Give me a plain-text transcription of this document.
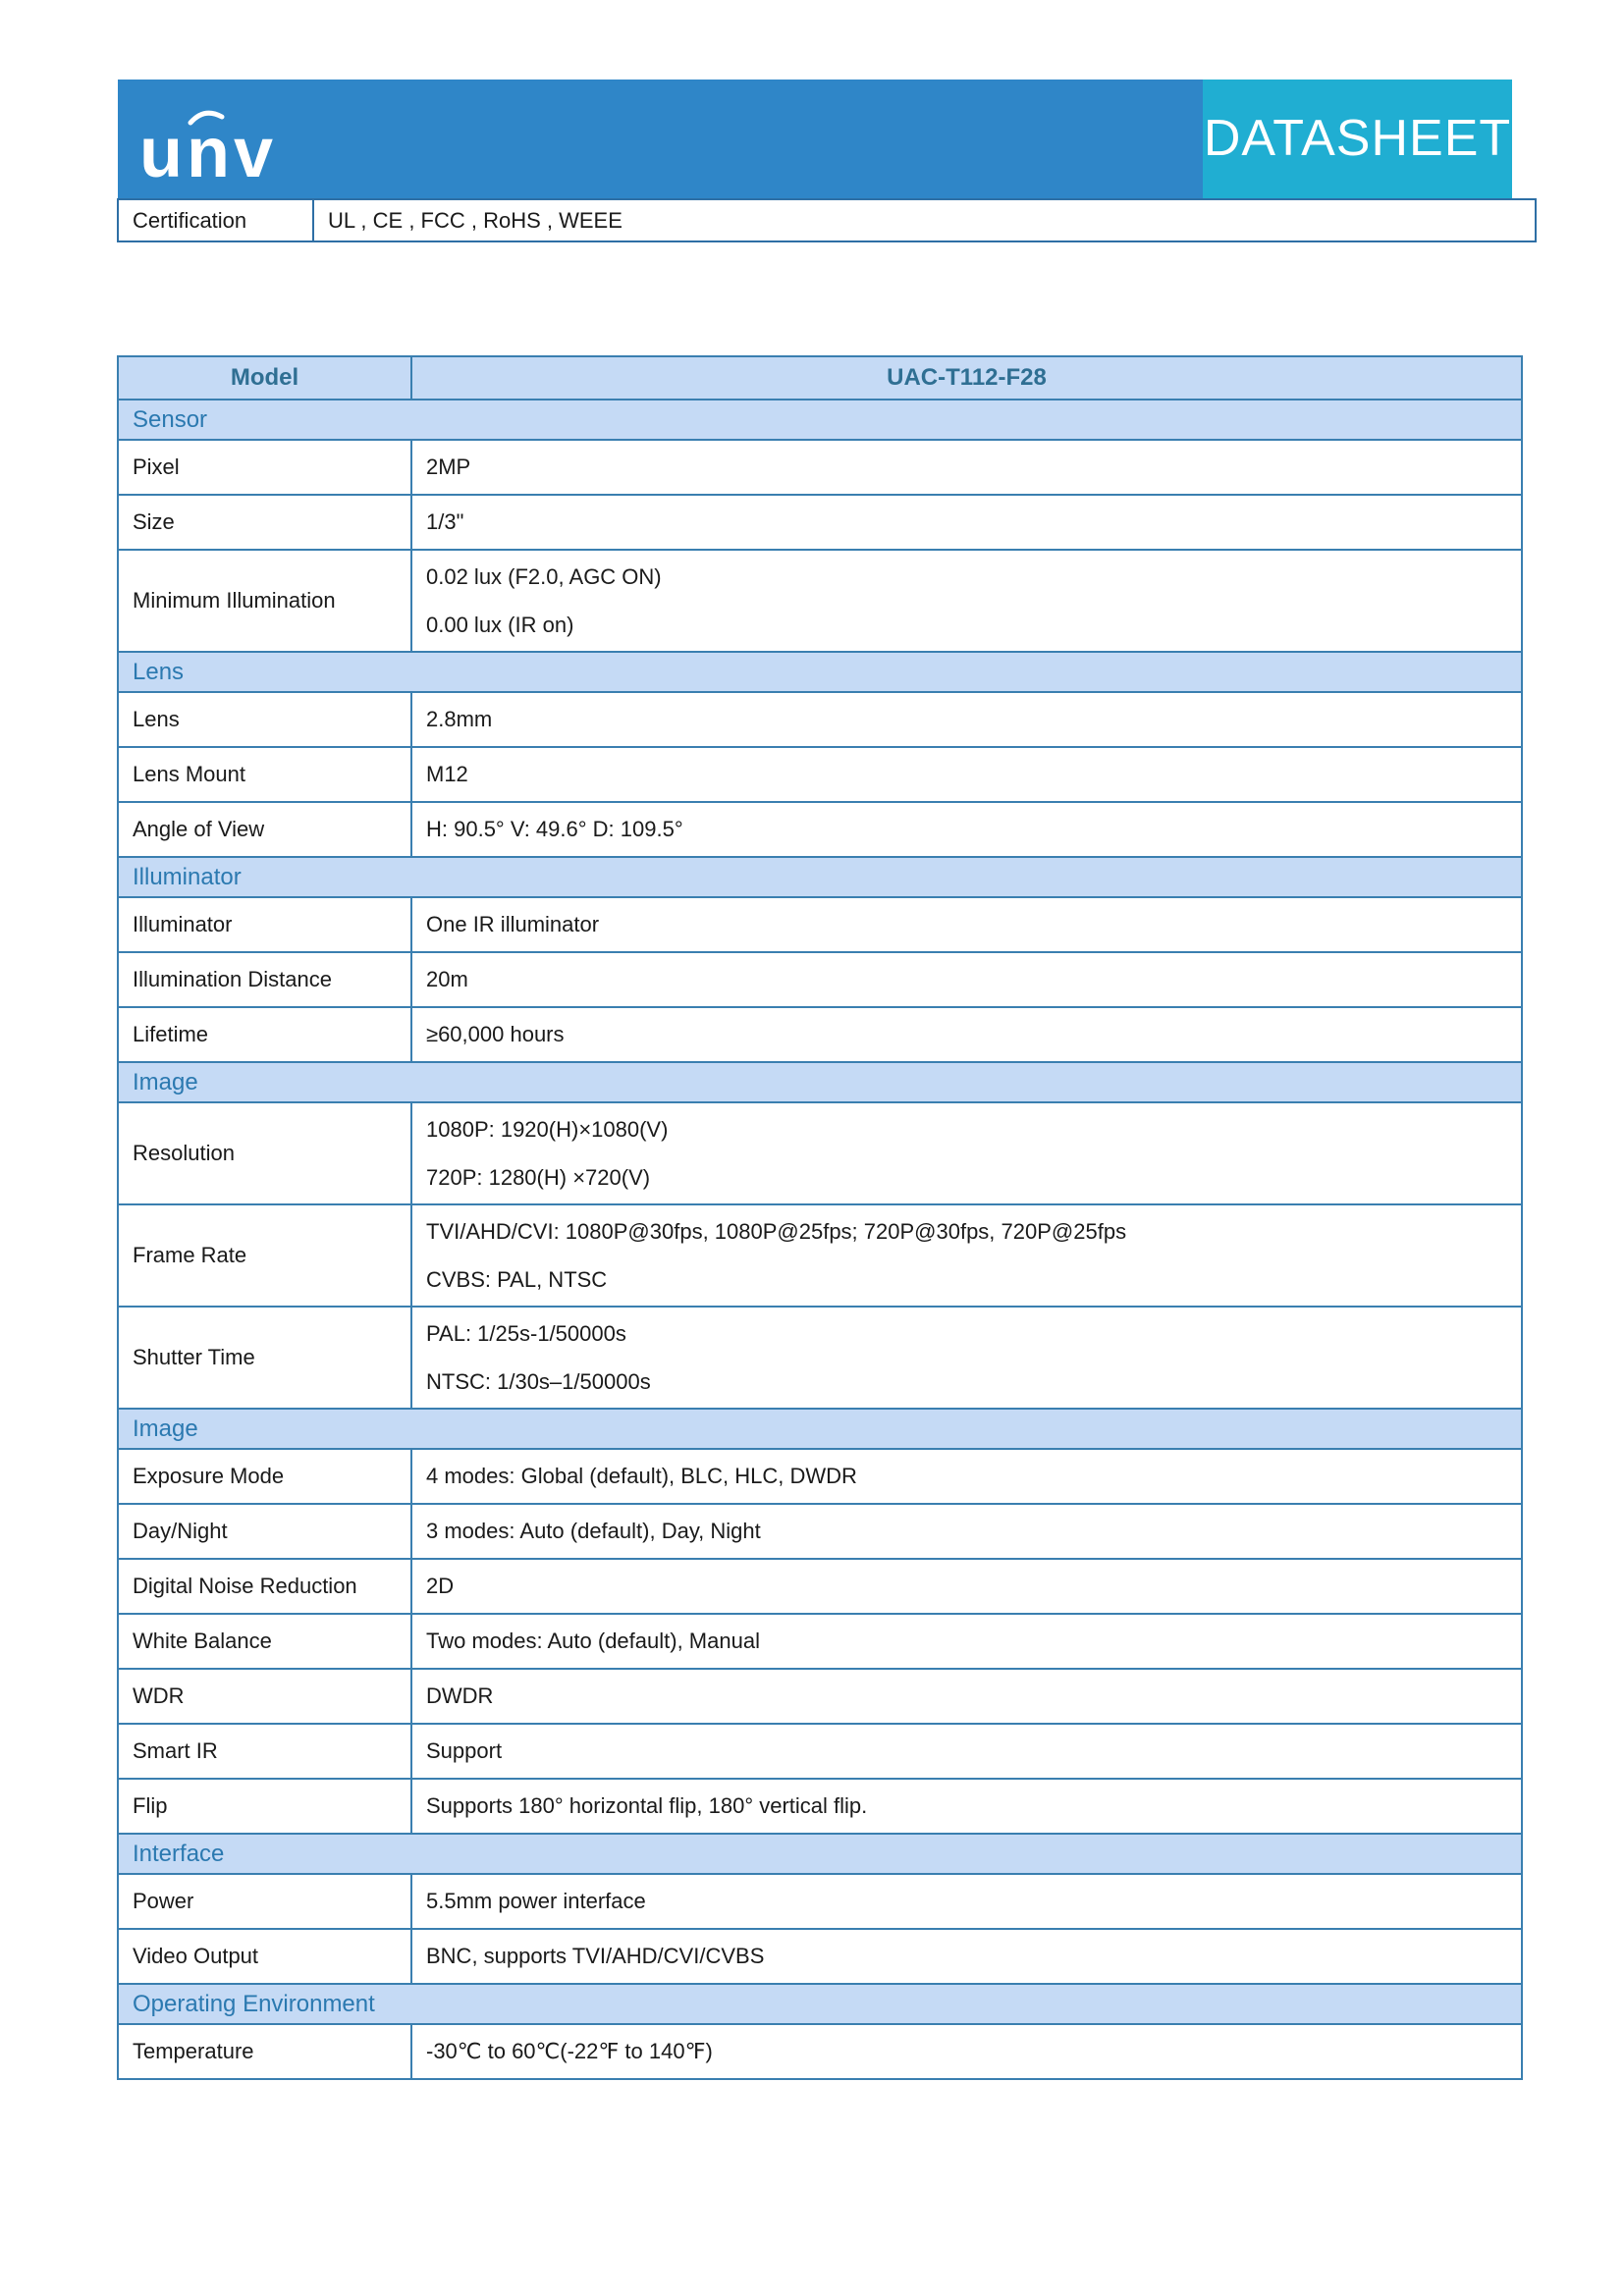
unv	DATASHEET
Certification	UL , CE , FCC , RoHS , WEEE
Model	UAC-T112-F28
Sensor	
Pixel	2MP
Size	1/3"
Minimum Illumination	0.02 lux (F2.0, AGC ON)
0.00 lux (IR on)

Lens	
Lens	2.8mm
Lens Mount	M12
Angle of View	H: 90.5° V: 49.6° D: 109.5°
Illuminator	
Illuminator	One IR illuminator
Illumination Distance	20m
Lifetime	≥60,000 hours
Image	
Resolution	1080P: 1920(H)×1080(V)
720P: 1280(H) ×720(V)

Frame Rate	TVI/AHD/CVI: 1080P@30fps, 1080P@25fps; 720P@30fps, 720P@25fps
CVBS: PAL, NTSC

Shutter Time	PAL: 1/25s-1/50000s
NTSC: 1/30s–1/50000s

Image	
Exposure Mode	4 modes: Global (default), BLC, HLC, DWDR
Day/Night	3 modes: Auto (default), Day, Night
Digital Noise Reduction	2D
White Balance	Two modes: Auto (default), Manual
WDR	DWDR
Smart IR	Support
Flip	Supports 180° horizontal flip, 180° vertical flip.
Interface	
Power	5.5mm power interface
Video Output	BNC, supports TVI/AHD/CVI/CVBS
Operating Environment	
Temperature	-30℃ to 60℃(-22℉ to 140℉)
